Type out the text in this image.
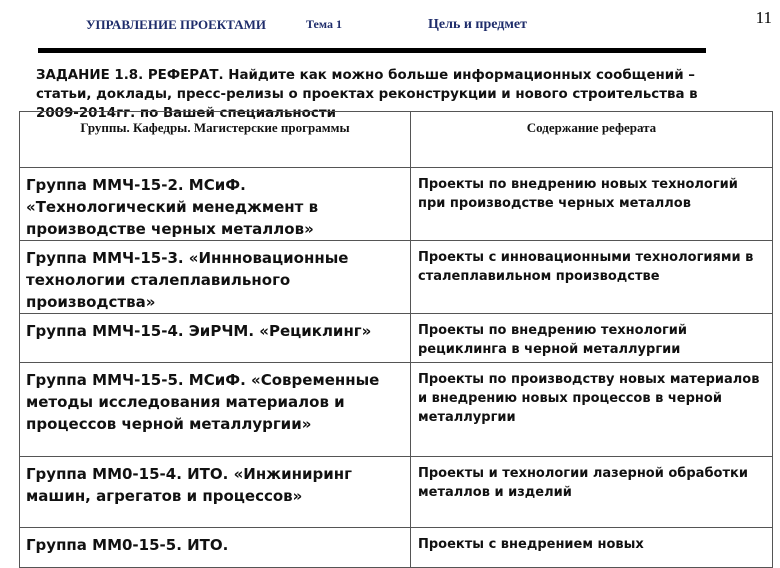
УПРАВЛЕНИЕ ПРОЕКТАМИ	Тема 1	Цель и предмет	11
ЗАДАНИЕ 1.8. РЕФЕРАТ. Найдите как можно больше информационных сообщений –статьи, доклады, пресс-релизы о проектах реконструкции и нового строительства в 2009-2014гг. по Вашей специальности
Группы. Кафедры. Магистерские программы	Содержание реферата
Группа ММЧ-15-2. МСиФ. «Технологический менеджмент в производстве черных металлов»	Проекты по внедрению новых технологий при производстве черных металлов
Группа ММЧ-15-3. «Иннновационные технологии сталеплавильного производства»	Проекты с инновационными технологиями в сталеплавильном производстве
Группа ММЧ-15-4. ЭиРЧМ. «Рециклинг»	Проекты по внедрению технологий рециклинга в черной металлургии
Группа ММЧ-15-5. МСиФ. «Современные методы исследования материалов и процессов черной металлургии»	Проекты по производству новых материалов и внедрению новых процессов в черной металлургии
Группа ММ0-15-4. ИТО. «Инжиниринг машин, агрегатов и процессов»	Проекты и технологии лазерной обработки металлов и изделий
Группа ММ0-15-5. ИТО.	Проекты с внедрением новых
